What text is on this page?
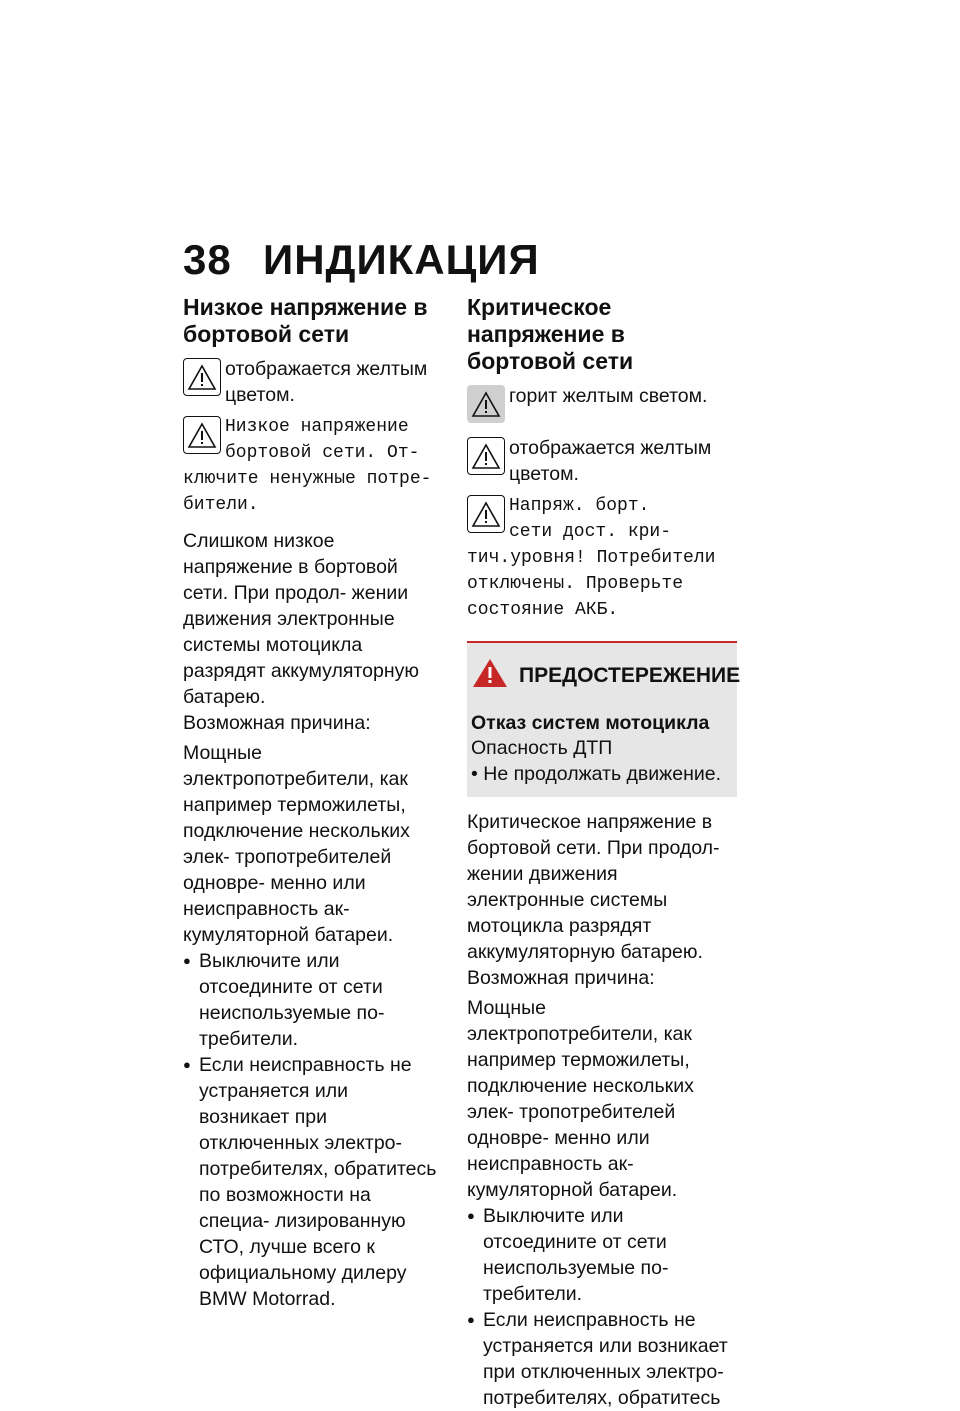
38 ИНДИКАЦИЯ
Низкое напряжение в бортовой сети

отображается желтым цветом.

Низкое напряжение

бортовой сети. От-

ключите ненужные потре-

бители.

Слишком низкое напряжение в бортовой сети. При продол- жении движения электронные системы мотоцикла разрядят аккумуляторную батарею.

Возможная причина:

Мощные электропотребители, как например терможилеты, подключение нескольких элек- тропотребителей одновре- менно или неисправность ак- кумуляторной батареи.

● Выключите или отсоедините от сети неиспользуемые по- требители.
● Если неисправность не устраняется или возникает при отключенных электро- потребителях, обратитесь по возможности на специа- лизированную СТО, лучше всего к официальному дилеру BMW Motorrad.
Критическое напряжение в бортовой сети

горит желтым светом.

отображается желтым цветом.

Напряж. борт.

сети дост. кри-

тич.уровня! Потребители

отключены. Проверьте

состояние АКБ.

ПРЕДОСТЕРЕЖЕНИЕ
Отказ систем мотоцикла
Опасность ДТП
• Не продолжать движение.

Критическое напряжение в бортовой сети. При продол- жении движения электронные системы мотоцикла разрядят аккумуляторную батарею.

Возможная причина:

Мощные электропотребители, как например терможилеты, подключение нескольких элек- тропотребителей одновре- менно или неисправность ак- кумуляторной батареи.

● Выключите или отсоедините от сети неиспользуемые по- требители.
● Если неисправность не устраняется или возникает при отключенных электро- потребителях, обратитесь
